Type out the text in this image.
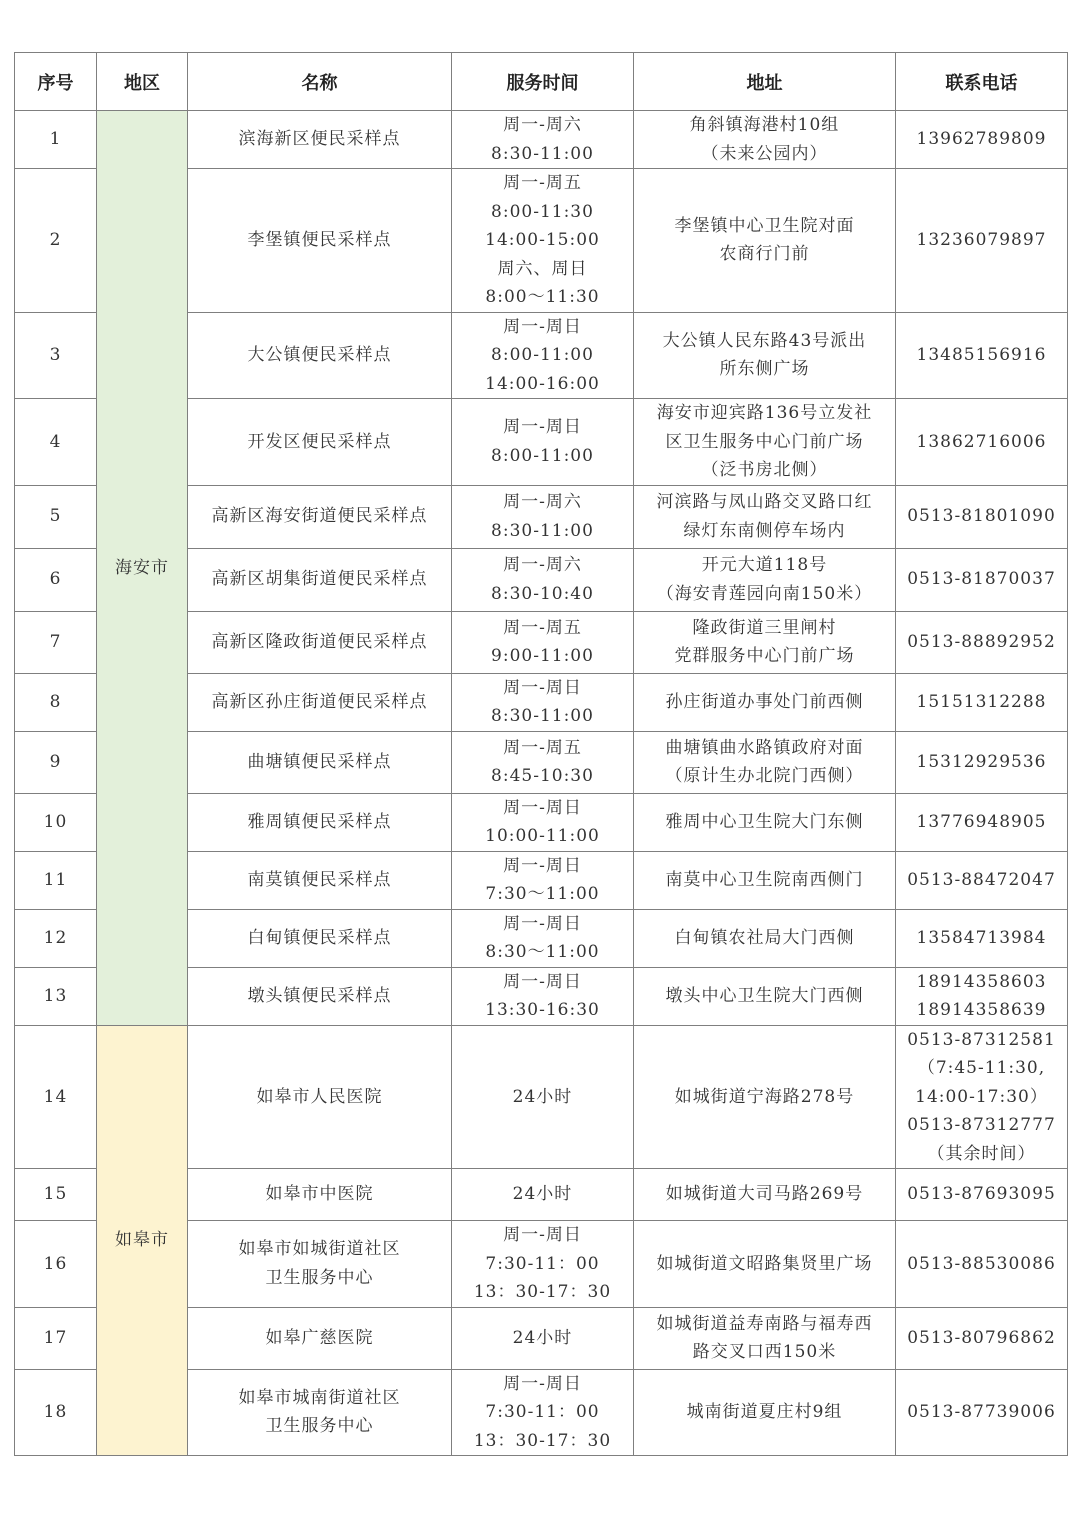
序号	地区	名称	服务时间	地址	联系电话

1	海安市	滨海新区便民采样点	周一-周六
8:30-11:00	角斜镇海港村10组
（未来公园内）	13962789809

2		李堡镇便民采样点	周一-周五
8:00-11:30
14:00-15:00
周六、周日
8:00～11:30	李堡镇中心卫生院对面
农商行门前	13236079897

3		大公镇便民采样点	周一-周日
8:00-11:00
14:00-16:00	大公镇人民东路43号派出
所东侧广场	13485156916

4		开发区便民采样点	周一-周日
8:00-11:00	海安市迎宾路136号立发社
区卫生服务中心门前广场
（泛书房北侧）	13862716006

5		高新区海安街道便民采样点	周一-周六
8:30-11:00	河滨路与凤山路交叉路口红
绿灯东南侧停车场内	0513-81801090

6		高新区胡集街道便民采样点	周一-周六
8:30-10:40	开元大道118号
（海安青莲园向南150米）	0513-81870037

7		高新区隆政街道便民采样点	周一-周五
9:00-11:00	隆政街道三里闸村
党群服务中心门前广场	0513-88892952

8		高新区孙庄街道便民采样点	周一-周日
8:30-11:00	孙庄街道办事处门前西侧	15151312288

9		曲塘镇便民采样点	周一-周五
8:45-10:30	曲塘镇曲水路镇政府对面
（原计生办北院门西侧）	15312929536

10		雅周镇便民采样点	周一-周日
10:00-11:00	雅周中心卫生院大门东侧	13776948905

11		南莫镇便民采样点	周一-周日
7:30～11:00	南莫中心卫生院南西侧门	0513-88472047

12		白甸镇便民采样点	周一-周日
8:30～11:00	白甸镇农社局大门西侧	13584713984

13		墩头镇便民采样点	周一-周日
13:30-16:30	墩头中心卫生院大门西侧	18914358603
18914358639

14	如皋市	如皋市人民医院	24小时	如城街道宁海路278号	0513-87312581
（7:45-11:30,
14:00-17:30）
0513-87312777
（其余时间）

15		如皋市中医院	24小时	如城街道大司马路269号	0513-87693095

16		如皋市如城街道社区
卫生服务中心	周一-周日
7:30-11：00
13：30-17：30	如城街道文昭路集贤里广场	0513-88530086

17		如皋广慈医院	24小时	如城街道益寿南路与福寿西
路交叉口西150米	0513-80796862

18		如皋市城南街道社区
卫生服务中心	周一-周日
7:30-11：00
13：30-17：30	城南街道夏庄村9组	0513-87739006
